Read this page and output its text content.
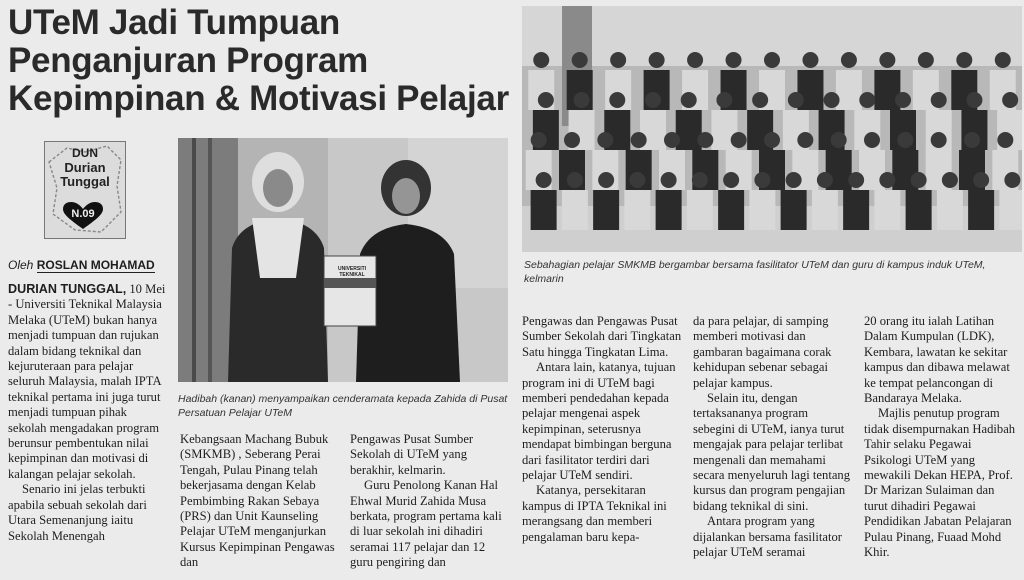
UTeM Jadi Tumpuan
Penganjuran Program
Kepimpinan & Motivasi Pelajar
DUN
Durian
Tunggal
N.09
Oleh ROSLAN MOHAMAD	UNIVERSITI TEKNIKAL
Hadibah (kanan) menyampaikan cenderamata kepada Zahida di Pusat Persatuan Pelajar UTeM
Sebahagian pelajar SMKMB bergambar bersama fasilitator UTeM dan guru di kampus induk UTeM, kelmarin

DURIAN TUNGGAL, 10 Mei - Universiti Teknikal Malaysia Melaka (UTeM) bukan hanya menjadi tumpuan dan rujukan dalam bidang teknikal dan kejuruteraan para pelajar seluruh Malaysia, malah IPTA teknikal pertama ini juga turut menjadi tumpuan pihak sekolah mengadakan program berunsur pembentukan nilai kepimpinan dan motivasi di kalangan pelajar sekolah.

Senario ini jelas terbukti apabila sebuah sekolah dari Utara Semenanjung iaitu Sekolah Menengah

Kebangsaan Machang Bubuk (SMKMB) , Seberang Perai Tengah, Pulau Pinang telah bekerjasama dengan Kelab Pembimbing Rakan Sebaya (PRS) dan Unit Kaunseling Pelajar UTeM menganjurkan Kursus Kepimpinan Pengawas dan

Pengawas Pusat Sumber Sekolah di UTeM yang berakhir, kelmarin.

Guru Penolong Kanan Hal Ehwal Murid Zahida Musa berkata, program pertama kali di luar sekolah ini dihadiri seramai 117 pelajar dan 12 guru pengiring dan

Pengawas dan Pengawas Pusat Sumber Sekolah dari Tingkatan Satu hingga Tingkatan Lima.

Antara lain, katanya, tujuan program ini di UTeM bagi memberi pendedahan kepada pelajar mengenai aspek kepimpinan, seterusnya mendapat bimbingan berguna dari fasilitator terdiri dari pelajar UTeM sendiri.

Katanya, persekitaran kampus di IPTA Teknikal ini merangsang dan memberi pengalaman baru kepa-

da para pelajar, di samping memberi motivasi dan gambaran bagaimana corak kehidupan sebenar sebagai pelajar kampus.

Selain itu, dengan tertaksananya program sebegini di UTeM, ianya turut mengajak para pelajar terlibat mengenali dan memahami secara menyeluruh lagi tentang kursus dan program pengajian bidang teknikal di sini.

Antara program yang dijalankan bersama fasilitator pelajar UTeM seramai

20 orang itu ialah Latihan Dalam Kumpulan (LDK), Kembara, lawatan ke sekitar kampus dan dibawa melawat ke tempat pelancongan di Bandaraya Melaka.

Majlis penutup program tidak disempurnakan Hadibah Tahir selaku Pegawai Psikologi UTeM yang mewakili Dekan HEPA, Prof. Dr Marizan Sulaiman dan turut dihadiri Pegawai Pendidikan Jabatan Pelajaran Pulau Pinang, Fuaad Mohd Khir.
